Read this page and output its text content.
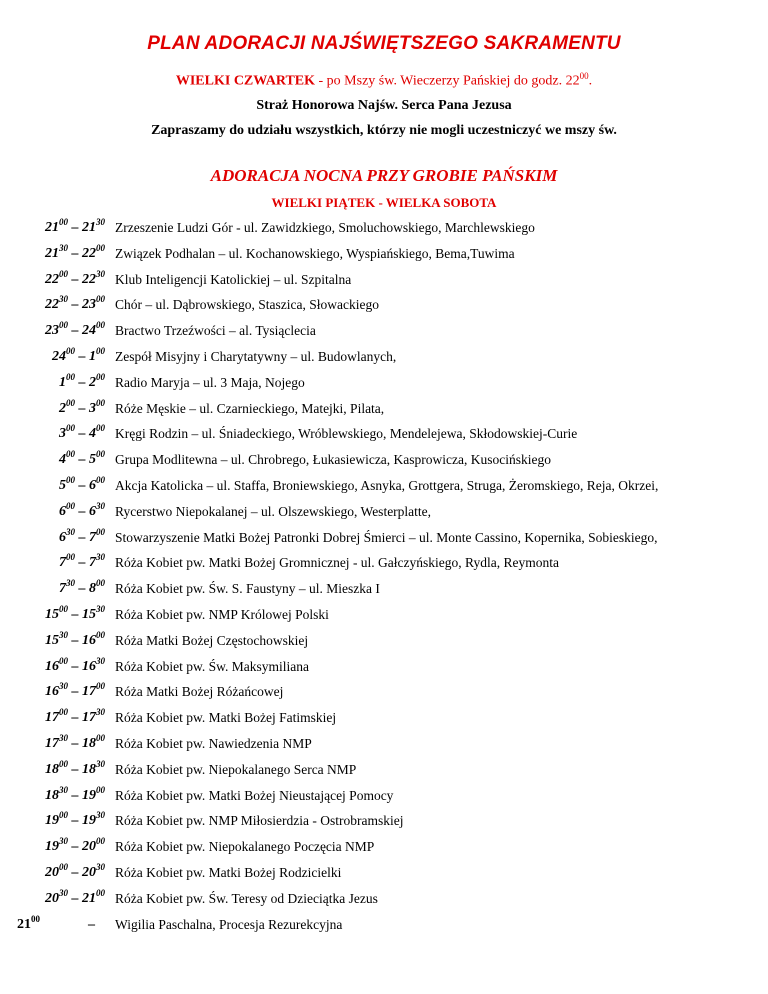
PLAN ADORACJI NAJŚWIĘTSZEGO SAKRAMENTU
WIELKI CZWARTEK - po Mszy św. Wieczerzy Pańskiej do godz. $22^{00}$.
Straż Honorowa Najśw. Serca Pana Jezusa
Zapraszamy do udziału wszystkich, którzy nie mogli uczestniczyć we mszy św.
ADORACJA NOCNA PRZY GROBIE PAŃSKIM
WIELKI PIĄTEK - WIELKA SOBOTA
$21^{00} - 21^{30}$ Zrzeszenie Ludzi Gór - ul. Zawidzkiego, Smoluchowskiego, Marchlewskiego
$21^{30} - 22^{00}$ Związek Podhalan – ul. Kochanowskiego, Wyspiańskiego, Bema,Tuwima
$22^{00} - 22^{30}$ Klub Inteligencji Katolickiej – ul. Szpitalna
$22^{30} - 23^{00}$ Chór – ul. Dąbrowskiego, Staszica, Słowackiego
$23^{00} - 24^{00}$ Bractwo Trzeźwości – al. Tysiąclecia
$24^{00} - 1^{00}$ Zespół Misyjny i Charytatywny – ul. Budowlanych,
$1^{00} - 2^{00}$ Radio Maryja – ul. 3 Maja, Nojego
$2^{00} - 3^{00}$ Róże Męskie – ul. Czarnieckiego, Matejki, Pilata,
$3^{00} - 4^{00}$ Kręgi Rodzin – ul. Śniadeckiego, Wróblewskiego, Mendelejewa, Skłodowskiej-Curie
$4^{00} - 5^{00}$ Grupa Modlitewna – ul. Chrobrego, Łukasiewicza, Kasprowicza, Kusocińskiego
$5^{00} - 6^{00}$ Akcja Katolicka – ul. Staffa, Broniewskiego, Asnyka, Grottgera, Struga, Żeromskiego, Reja, Okrzei,
$6^{00} - 6^{30}$ Rycerstwo Niepokalanej – ul. Olszewskiego, Westerplatte,
$6^{30} - 7^{00}$ Stowarzyszenie Matki Bożej Patronki Dobrej Śmierci – ul. Monte Cassino, Kopernika, Sobieskiego,
$7^{00} - 7^{30}$ Róża Kobiet pw. Matki Bożej Gromnicznej - ul. Gałczyńskiego, Rydla, Reymonta
$7^{30} - 8^{00}$ Róża Kobiet pw. Św. S. Faustyny – ul. Mieszka I
$15^{00} - 15^{30}$ Róża Kobiet pw. NMP Królowej Polski
$15^{30} - 16^{00}$ Róża Matki Bożej Częstochowskiej
$16^{00} - 16^{30}$ Róża Kobiet pw. Św. Maksymiliana
$16^{30} - 17^{00}$ Róża Matki Bożej Różańcowej
$17^{00} - 17^{30}$ Róża Kobiet pw. Matki Bożej Fatimskiej
$17^{30} - 18^{00}$ Róża Kobiet pw. Nawiedzenia NMP
$18^{00} - 18^{30}$ Róża Kobiet pw. Niepokalanego Serca NMP
$18^{30} - 19^{00}$ Róża Kobiet pw. Matki Bożej Nieustającej Pomocy
$19^{00} - 19^{30}$ Róża Kobiet pw. NMP Miłosierdzia - Ostrobramskiej
$19^{30} - 20^{00}$ Róża Kobiet pw. Niepokalanego Poczęcia NMP
$20^{00} - 20^{30}$ Róża Kobiet pw. Matki Bożej Rodzicielki
$20^{30} - 21^{00}$ Róża Kobiet pw. Św. Teresy od Dzieciątka Jezus
$21^{00}$	– Wigilia Paschalna, Procesja Rezurekcyjna
